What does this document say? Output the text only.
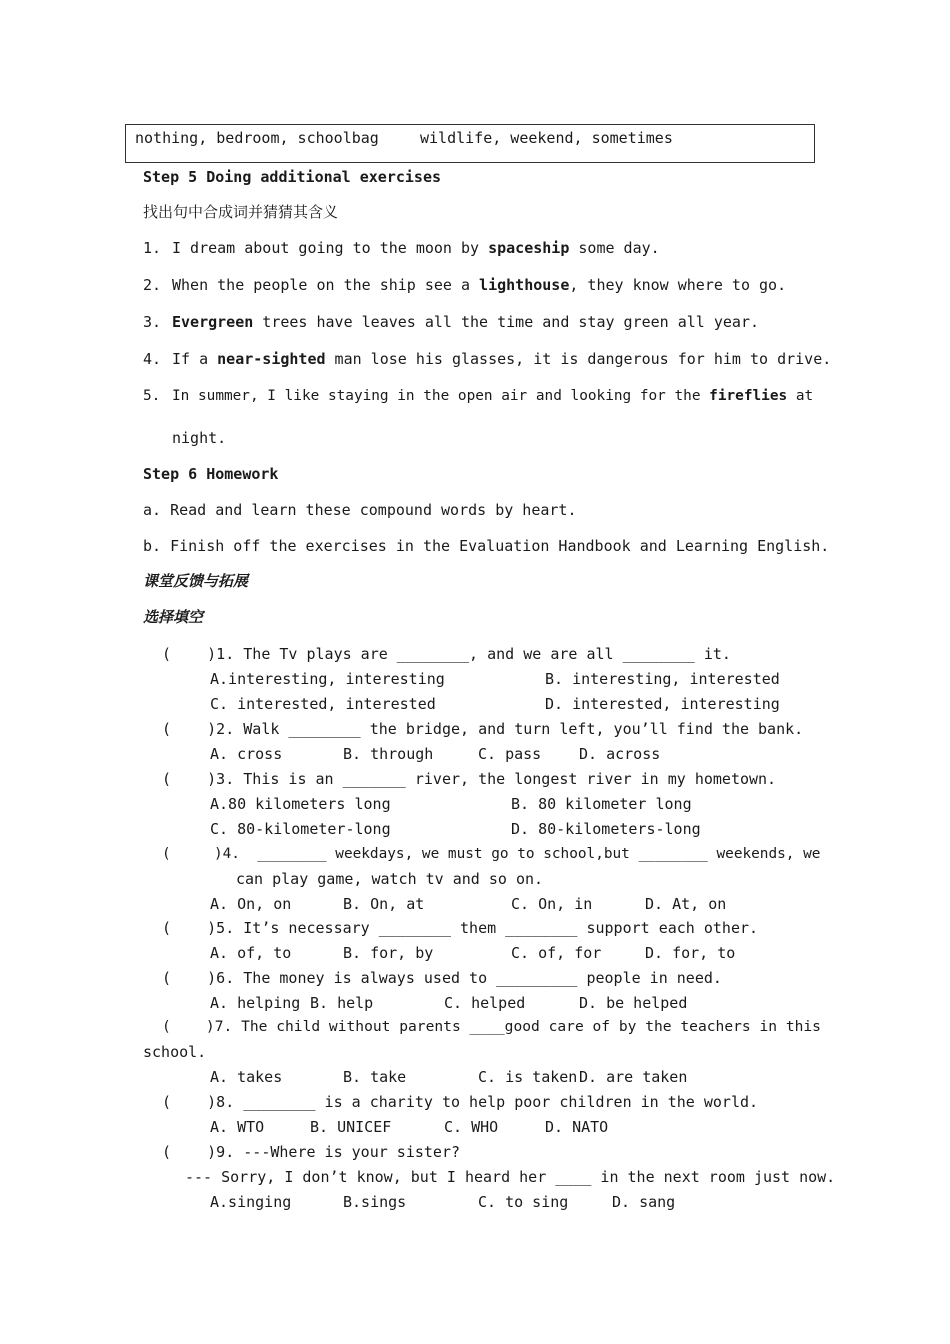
nothing, bedroom, schoolbag	wildlife, weekend, sometimes
Step 5 Doing additional exercises
找出句中合成词并猜猜其含义
1. I dream about going to the moon by spaceship some day.
2. When the people on the ship see a lighthouse, they know where to go.
3. Evergreen trees have leaves all the time and stay green all year.
4. If a near-sighted man lose his glasses, it is dangerous for him to drive.
5. In summer, I like staying in the open air and looking for the fireflies at
night.
Step 6 Homework
a. Read and learn these compound words by heart.
b. Finish off the exercises in the Evaluation Handbook and Learning English.
课堂反馈与拓展
选择填空
(    )1. The Tv plays are ________, and we are all ________ it.
A.interesting, interesting	B. interesting, interested
C. interested, interested	D. interested, interesting
(    )2. Walk ________ the bridge, and turn left, you’ll find the bank.
A. cross	B. through	C. pass	D. across
(    )3. This is an _______ river, the longest river in my hometown.
A.80 kilometers long	B. 80 kilometer long
C. 80-kilometer-long	D. 80-kilometers-long
(     )4.  ________ weekdays, we must go to school,but ________ weekends, we
can play game, watch tv and so on.
A. On, on	B. On, at	C. On, in	D. At, on
(    )5. It’s necessary ________ them ________ support each other.
A. of, to	B. for, by	C. of, for	D. for, to
(    )6. The money is always used to _________ people in need.
A. helping B. help	C. helped	D. be helped
(    )7. The child without parents ____good care of by the teachers in this
school.
A. takes	B. take	C. is taken D. are taken
(    )8. ________ is a charity to help poor children in the world.
A. WTO	B. UNICEF	C. WHO	D. NATO
(    )9. ---Where is your sister?
--- Sorry, I don’t know, but I heard her ____ in the next room just now.
A.singing	B.sings	C. to sing	D. sang
